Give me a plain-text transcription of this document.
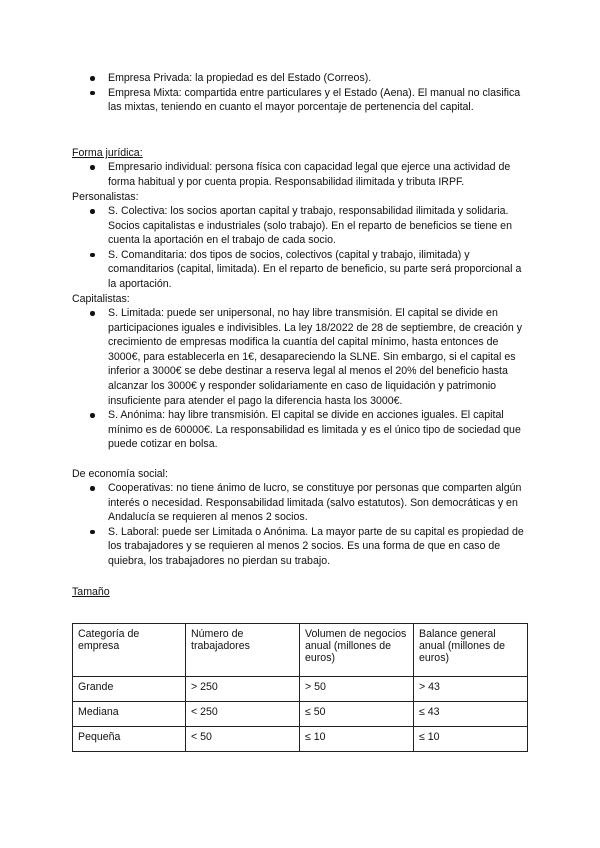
Empresa Privada: la propiedad es del Estado (Correos).
Empresa Mixta: compartida entre particulares y el Estado (Aena). El manual no clasifica las mixtas, teniendo en cuanto el mayor porcentaje de pertenencia del capital.
Forma jurídica:
Empresario individual: persona física con capacidad legal que ejerce una actividad de forma habitual y por cuenta propia. Responsabilidad ilimitada y tributa IRPF.
Personalistas:
S. Colectiva: los socios aportan capital y trabajo, responsabilidad ilimitada y solidaria. Socios capitalistas e industriales (solo trabajo). En el reparto de beneficios se tiene en cuenta la aportación en el trabajo de cada socio.
S. Comanditaria: dos tipos de socios, colectivos (capital y trabajo, ilimitada) y comanditarios (capital, limitada). En el reparto de beneficio, su parte será proporcional a la aportación.
Capitalistas:
S. Limitada: puede ser unipersonal, no hay libre transmisión. El capital se divide en participaciones iguales e indivisibles. La ley 18/2022 de 28 de septiembre, de creación y crecimiento de empresas modifica la cuantía del capital mínimo, hasta entonces de 3000€, para establecerla en 1€, desapareciendo la SLNE. Sin embargo, si el capital es inferior a 3000€ se debe destinar a reserva legal al menos el 20% del beneficio hasta alcanzar los 3000€ y responder solidariamente en caso de liquidación y patrimonio insuficiente para atender el pago la diferencia hasta los 3000€.
S. Anónima: hay libre transmisión. El capital se divide en acciones iguales. El capital mínimo es de 60000€. La responsabilidad es limitada y es el único tipo de sociedad que puede cotizar en bolsa.
De economía social:
Cooperativas: no tiene ánimo de lucro, se constituye por personas que comparten algún interés o necesidad. Responsabilidad limitada (salvo estatutos). Son democráticas y en Andalucía se requieren al menos 2 socios.
S. Laboral: puede ser Limitada o Anónima. La mayor parte de su capital es propiedad de los trabajadores y se requieren al menos 2 socios. Es una forma de que en caso de quiebra, los trabajadores no pierdan su trabajo.
Tamaño
Categoría de empresa	Número de trabajadores	Volumen de negocios anual (millones de euros)	Balance general anual (millones de euros)
Grande	> 250	> 50	> 43
Mediana	< 250	≤ 50	≤ 43
Pequeña	< 50	≤ 10	≤ 10
